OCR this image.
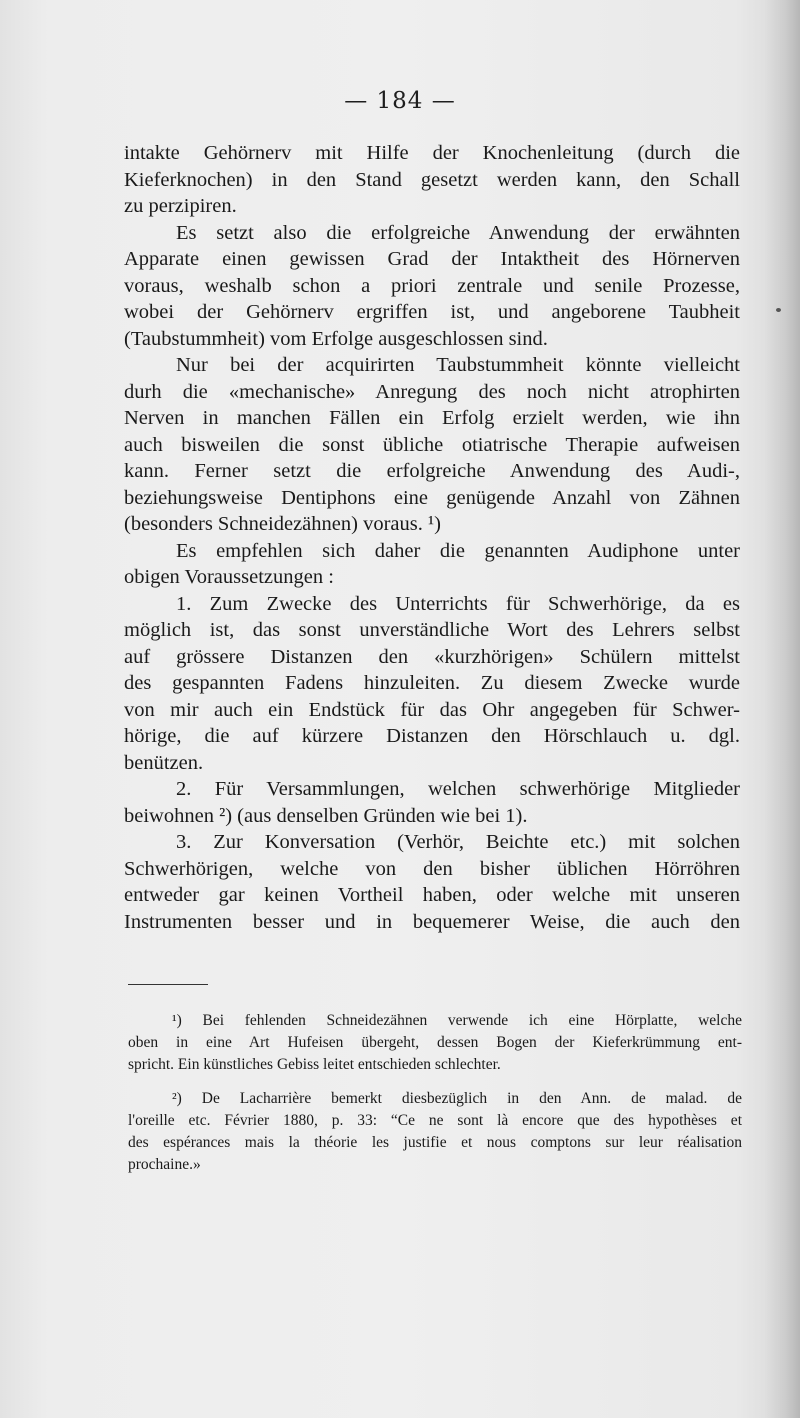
— 184 —
intakte Gehörnerv mit Hilfe der Knochenleitung (durch die
Kieferknochen) in den Stand gesetzt werden kann, den Schall
zu perzipiren.
Es setzt also die erfolgreiche Anwendung der erwähnten
Apparate einen gewissen Grad der Intaktheit des Hörnerven
voraus, weshalb schon a priori zentrale und senile Prozesse,
wobei der Gehörnerv ergriffen ist, und angeborene Taubheit
(Taubstummheit) vom Erfolge ausgeschlossen sind.
Nur bei der acquirirten Taubstummheit könnte vielleicht
durh die «mechanische» Anregung des noch nicht atrophirten
Nerven in manchen Fällen ein Erfolg erzielt werden, wie ihn
auch bisweilen die sonst übliche otiatrische Therapie aufweisen
kann. Ferner setzt die erfolgreiche Anwendung des Audi-,
beziehungsweise Dentiphons eine genügende Anzahl von Zähnen
(besonders Schneidezähnen) voraus. ¹)
Es empfehlen sich daher die genannten Audiphone unter
obigen Voraussetzungen :
1. Zum Zwecke des Unterrichts für Schwerhörige, da es
möglich ist, das sonst unverständliche Wort des Lehrers selbst
auf grössere Distanzen den «kurzhörigen» Schülern mittelst
des gespannten Fadens hinzuleiten. Zu diesem Zwecke wurde
von mir auch ein Endstück für das Ohr angegeben für Schwer-
hörige, die auf kürzere Distanzen den Hörschlauch u. dgl.
benützen.
2. Für Versammlungen, welchen schwerhörige Mitglieder
beiwohnen ²) (aus denselben Gründen wie bei 1).
3. Zur Konversation (Verhör, Beichte etc.) mit solchen
Schwerhörigen, welche von den bisher üblichen Hörröhren
entweder gar keinen Vortheil haben, oder welche mit unseren
Instrumenten besser und in bequemerer Weise, die auch den
¹) Bei fehlenden Schneidezähnen verwende ich eine Hörplatte, welche
oben in eine Art Hufeisen übergeht, dessen Bogen der Kieferkrümmung ent-
spricht. Ein künstliches Gebiss leitet entschieden schlechter.
²) De Lacharrière bemerkt diesbezüglich in den Ann. de malad. de
l'oreille etc. Février 1880, p. 33: “Ce ne sont là encore que des hypothèses et
des espérances mais la théorie les justifie et nous comptons sur leur réalisation
prochaine.»
